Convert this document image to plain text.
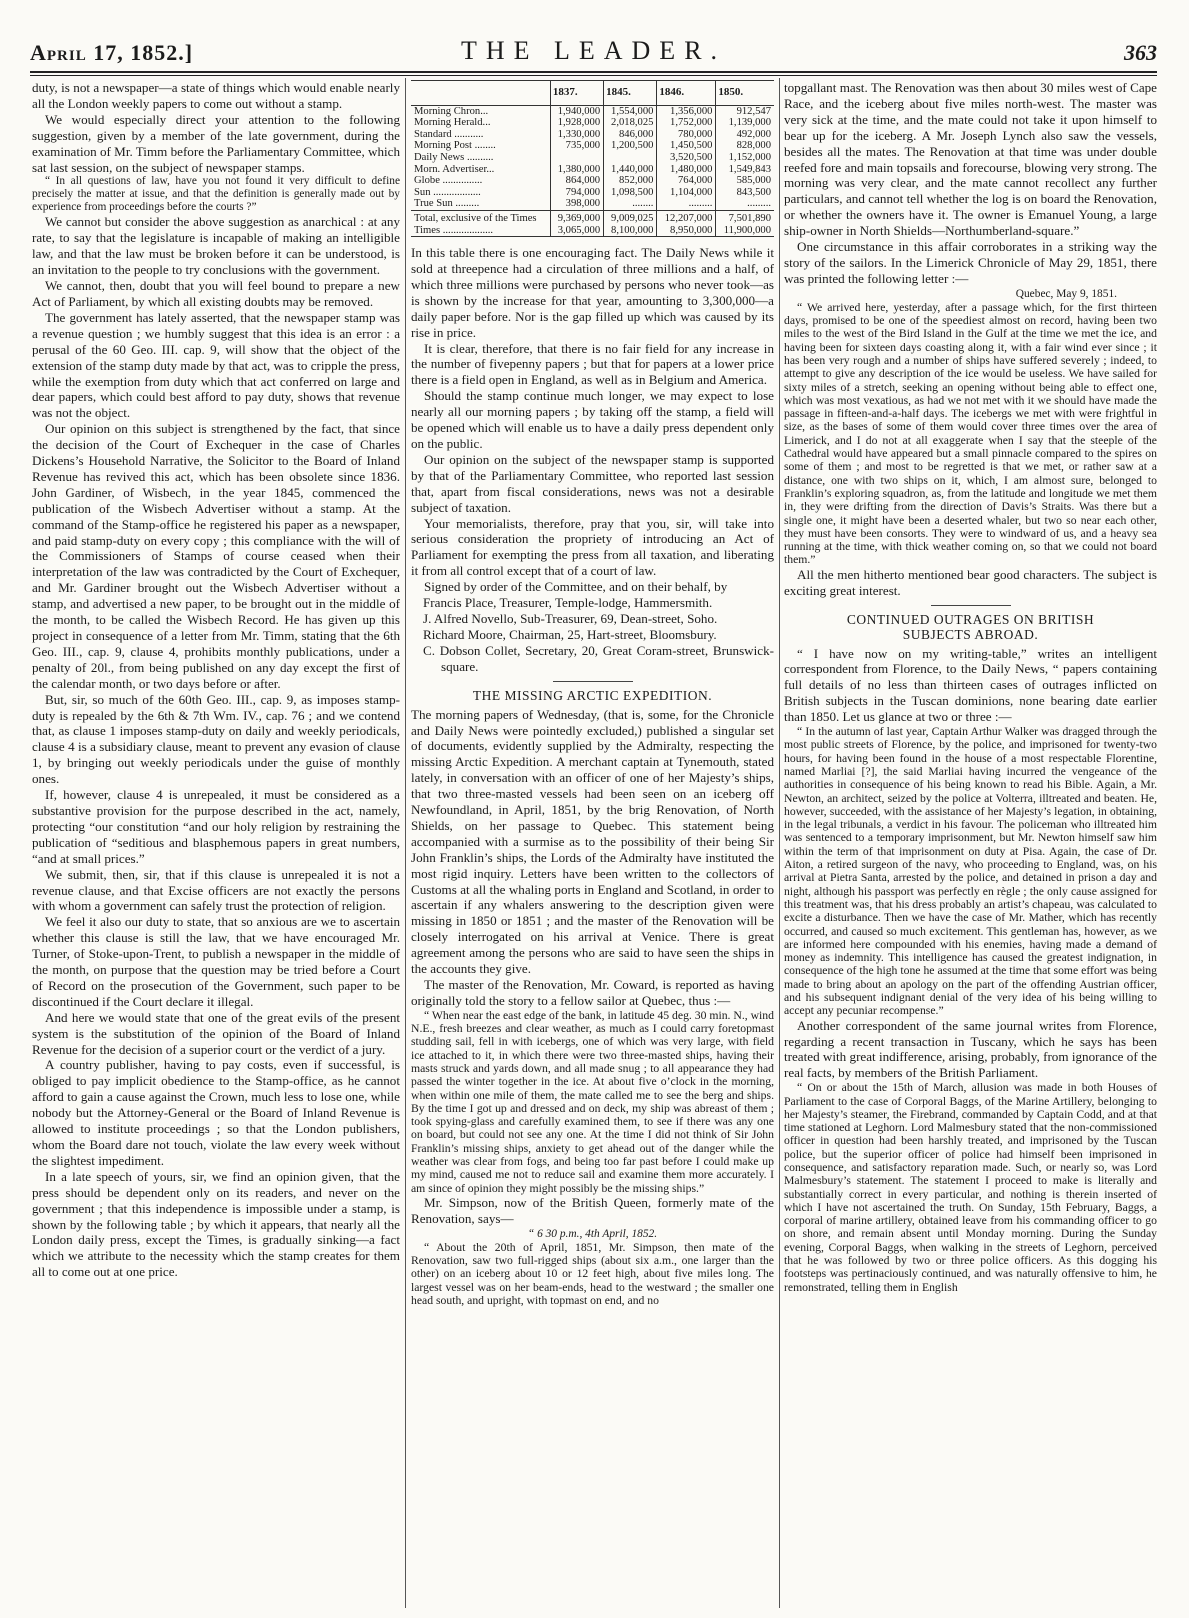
April 17, 1852.]	THE LEADER.	363

duty, is not a newspaper—a state of things which would enable nearly all the London weekly papers to come out without a stamp.

We would especially direct your attention to the following suggestion, given by a member of the late government, during the examination of Mr. Timm before the Parliamentary Committee, which sat last session, on the subject of newspaper stamps.

“ In all questions of law, have you not found it very difficult to define precisely the matter at issue, and that the definition is generally made out by experience from proceedings before the courts ?”

We cannot but consider the above suggestion as anarchical : at any rate, to say that the legislature is incapable of making an intelligible law, and that the law must be broken before it can be understood, is an invitation to the people to try conclusions with the government.

We cannot, then, doubt that you will feel bound to prepare a new Act of Parliament, by which all existing doubts may be removed.

The government has lately asserted, that the newspaper stamp was a revenue question ; we humbly suggest that this idea is an error : a perusal of the 60 Geo. III. cap. 9, will show that the object of the extension of the stamp duty made by that act, was to cripple the press, while the exemption from duty which that act conferred on large and dear papers, which could best afford to pay duty, shows that revenue was not the object.

Our opinion on this subject is strengthened by the fact, that since the decision of the Court of Exchequer in the case of Charles Dickens’s Household Narrative, the Solicitor to the Board of Inland Revenue has revived this act, which has been obsolete since 1836. John Gardiner, of Wisbech, in the year 1845, commenced the publication of the Wisbech Advertiser without a stamp. At the command of the Stamp-office he registered his paper as a newspaper, and paid stamp-duty on every copy ; this compliance with the will of the Commissioners of Stamps of course ceased when their interpretation of the law was contradicted by the Court of Exchequer, and Mr. Gardiner brought out the Wisbech Advertiser without a stamp, and advertised a new paper, to be brought out in the middle of the month, to be called the Wisbech Record. He has given up this project in consequence of a letter from Mr. Timm, stating that the 6th Geo. III., cap. 9, clause 4, prohibits monthly publications, under a penalty of 20l., from being published on any day except the first of the calendar month, or two days before or after.

But, sir, so much of the 60th Geo. III., cap. 9, as imposes stamp-duty is repealed by the 6th & 7th Wm. IV., cap. 76 ; and we contend that, as clause 1 imposes stamp-duty on daily and weekly periodicals, clause 4 is a subsidiary clause, meant to prevent any evasion of clause 1, by bringing out weekly periodicals under the guise of monthly ones.

If, however, clause 4 is unrepealed, it must be considered as a substantive provision for the purpose described in the act, namely, protecting “our constitution “and our holy religion by restraining the publication of “seditious and blasphemous papers in great numbers, “and at small prices.”

We submit, then, sir, that if this clause is unrepealed it is not a revenue clause, and that Excise officers are not exactly the persons with whom a government can safely trust the protection of religion.

We feel it also our duty to state, that so anxious are we to ascertain whether this clause is still the law, that we have encouraged Mr. Turner, of Stoke-upon-Trent, to publish a newspaper in the middle of the month, on purpose that the question may be tried before a Court of Record on the prosecution of the Government, such paper to be discontinued if the Court declare it illegal.

And here we would state that one of the great evils of the present system is the substitution of the opinion of the Board of Inland Revenue for the decision of a superior court or the verdict of a jury.

A country publisher, having to pay costs, even if successful, is obliged to pay implicit obedience to the Stamp-office, as he cannot afford to gain a cause against the Crown, much less to lose one, while nobody but the Attorney-General or the Board of Inland Revenue is allowed to institute proceedings ; so that the London publishers, whom the Board dare not touch, violate the law every week without the slightest impediment.

In a late speech of yours, sir, we find an opinion given, that the press should be dependent only on its readers, and never on the government ; that this independence is impossible under a stamp, is shown by the following table ; by which it appears, that nearly all the London daily press, except the Times, is gradually sinking—a fact which we attribute to the necessity which the stamp creates for them all to come out at one price.

	1837.	1845.	1846.	1850.
Morning Chron...	1,940,000	1,554,000	1,356,000	912,547
Morning Herald...	1,928,000	2,018,025	1,752,000	1,139,000
Standard ...........	1,330,000	846,000	780,000	492,000
Morning Post ........	735,000	1,200,500	1,450,500	828,000
Daily News ..........			3,520,500	1,152,000
Morn. Advertiser...	1,380,000	1,440,000	1,480,000	1,549,843
Globe ...............	864,000	852,000	764,000	585,000
Sun ..................	794,000	1,098,500	1,104,000	843,500
True Sun .........	398,000	........	.........	.........
Total, exclusive of the Times	9,369,000	9,009,025	12,207,000	7,501,890
Times ...................	3,065,000	8,100,000	8,950,000	11,900,000

In this table there is one encouraging fact. The Daily News while it sold at threepence had a circulation of three millions and a half, of which three millions were purchased by persons who never took—as is shown by the increase for that year, amounting to 3,300,000—a daily paper before. Nor is the gap filled up which was caused by its rise in price.

It is clear, therefore, that there is no fair field for any increase in the number of fivepenny papers ; but that for papers at a lower price there is a field open in England, as well as in Belgium and America.

Should the stamp continue much longer, we may expect to lose nearly all our morning papers ; by taking off the stamp, a field will be opened which will enable us to have a daily press dependent only on the public.

Our opinion on the subject of the newspaper stamp is supported by that of the Parliamentary Committee, who reported last session that, apart from fiscal considerations, news was not a desirable subject of taxation.

Your memorialists, therefore, pray that you, sir, will take into serious consideration the propriety of introducing an Act of Parliament for exempting the press from all taxation, and liberating it from all control except that of a court of law.

Signed by order of the Committee, and on their behalf, by

Francis Place, Treasurer, Temple-lodge, Hammersmith.

J. Alfred Novello, Sub-Treasurer, 69, Dean-street, Soho.

Richard Moore, Chairman, 25, Hart-street, Bloomsbury.

C. Dobson Collet, Secretary, 20, Great Coram-street, Brunswick-square.

THE MISSING ARCTIC EXPEDITION.

The morning papers of Wednesday, (that is, some, for the Chronicle and Daily News were pointedly excluded,) published a singular set of documents, evidently supplied by the Admiralty, respecting the missing Arctic Expedition. A merchant captain at Tynemouth, stated lately, in conversation with an officer of one of her Majesty’s ships, that two three-masted vessels had been seen on an iceberg off Newfoundland, in April, 1851, by the brig Renovation, of North Shields, on her passage to Quebec. This statement being accompanied with a surmise as to the possibility of their being Sir John Franklin’s ships, the Lords of the Admiralty have instituted the most rigid inquiry. Letters have been written to the collectors of Customs at all the whaling ports in England and Scotland, in order to ascertain if any whalers answering to the description given were missing in 1850 or 1851 ; and the master of the Renovation will be closely interrogated on his arrival at Venice. There is great agreement among the persons who are said to have seen the ships in the accounts they give.

The master of the Renovation, Mr. Coward, is reported as having originally told the story to a fellow sailor at Quebec, thus :—

“ When near the east edge of the bank, in latitude 45 deg. 30 min. N., wind N.E., fresh breezes and clear weather, as much as I could carry foretopmast studding sail, fell in with icebergs, one of which was very large, with field ice attached to it, in which there were two three-masted ships, having their masts struck and yards down, and all made snug ; to all appearance they had passed the winter together in the ice. At about five o’clock in the morning, when within one mile of them, the mate called me to see the berg and ships. By the time I got up and dressed and on deck, my ship was abreast of them ; took spying-glass and carefully examined them, to see if there was any one on board, but could not see any one. At the time I did not think of Sir John Franklin’s missing ships, anxiety to get ahead out of the danger while the weather was clear from fogs, and being too far past before I could make up my mind, caused me not to reduce sail and examine them more accurately. I am since of opinion they might possibly be the missing ships.”

Mr. Simpson, now of the British Queen, formerly mate of the Renovation, says—

“ 6 30 p.m., 4th April, 1852.

“ About the 20th of April, 1851, Mr. Simpson, then mate of the Renovation, saw two full-rigged ships (about six a.m., one larger than the other) on an iceberg about 10 or 12 feet high, about five miles long. The largest vessel was on her beam-ends, head to the westward ; the smaller one head south, and upright, with topmast on end, and no

topgallant mast. The Renovation was then about 30 miles west of Cape Race, and the iceberg about five miles north-west. The master was very sick at the time, and the mate could not take it upon himself to bear up for the iceberg. A Mr. Joseph Lynch also saw the vessels, besides all the mates. The Renovation at that time was under double reefed fore and main topsails and forecourse, blowing very strong. The morning was very clear, and the mate cannot recollect any further particulars, and cannot tell whether the log is on board the Renovation, or whether the owners have it. The owner is Emanuel Young, a large ship-owner in North Shields—Northumberland-square.”

One circumstance in this affair corroborates in a striking way the story of the sailors. In the Limerick Chronicle of May 29, 1851, there was printed the following letter :—

Quebec, May 9, 1851.

“ We arrived here, yesterday, after a passage which, for the first thirteen days, promised to be one of the speediest almost on record, having been two miles to the west of the Bird Island in the Gulf at the time we met the ice, and having been for sixteen days coasting along it, with a fair wind ever since ; it has been very rough and a number of ships have suffered severely ; indeed, to attempt to give any description of the ice would be useless. We have sailed for sixty miles of a stretch, seeking an opening without being able to effect one, which was most vexatious, as had we not met with it we should have made the passage in fifteen-and-a-half days. The icebergs we met with were frightful in size, as the bases of some of them would cover three times over the area of Limerick, and I do not at all exaggerate when I say that the steeple of the Cathedral would have appeared but a small pinnacle compared to the spires on some of them ; and most to be regretted is that we met, or rather saw at a distance, one with two ships on it, which, I am almost sure, belonged to Franklin’s exploring squadron, as, from the latitude and longitude we met them in, they were drifting from the direction of Davis’s Straits. Was there but a single one, it might have been a deserted whaler, but two so near each other, they must have been consorts. They were to windward of us, and a heavy sea running at the time, with thick weather coming on, so that we could not board them.”

All the men hitherto mentioned bear good characters. The subject is exciting great interest.

CONTINUED OUTRAGES ON BRITISH
SUBJECTS ABROAD.

“ I have now on my writing-table,” writes an intelligent correspondent from Florence, to the Daily News, “ papers containing full details of no less than thirteen cases of outrages inflicted on British subjects in the Tuscan dominions, none bearing date earlier than 1850. Let us glance at two or three :—

“ In the autumn of last year, Captain Arthur Walker was dragged through the most public streets of Florence, by the police, and imprisoned for twenty-two hours, for having been found in the house of a most respectable Florentine, named Marliai [?], the said Marliai having incurred the vengeance of the authorities in consequence of his being known to read his Bible. Again, a Mr. Newton, an architect, seized by the police at Volterra, illtreated and beaten. He, however, succeeded, with the assistance of her Majesty’s legation, in obtaining, in the legal tribunals, a verdict in his favour. The policeman who illtreated him was sentenced to a temporary imprisonment, but Mr. Newton himself saw him within the term of that imprisonment on duty at Pisa. Again, the case of Dr. Aiton, a retired surgeon of the navy, who proceeding to England, was, on his arrival at Pietra Santa, arrested by the police, and detained in prison a day and night, although his passport was perfectly en règle ; the only cause assigned for this treatment was, that his dress probably an artist’s chapeau, was calculated to excite a disturbance. Then we have the case of Mr. Mather, which has recently occurred, and caused so much excitement. This gentleman has, however, as we are informed here compounded with his enemies, having made a demand of money as indemnity. This intelligence has caused the greatest indignation, in consequence of the high tone he assumed at the time that some effort was being made to bring about an apology on the part of the offending Austrian officer, and his subsequent indignant denial of the very idea of his being willing to accept any pecuniar recompense.”

Another correspondent of the same journal writes from Florence, regarding a recent transaction in Tuscany, which he says has been treated with great indifference, arising, probably, from ignorance of the real facts, by members of the British Parliament.

“ On or about the 15th of March, allusion was made in both Houses of Parliament to the case of Corporal Baggs, of the Marine Artillery, belonging to her Majesty’s steamer, the Firebrand, commanded by Captain Codd, and at that time stationed at Leghorn. Lord Malmesbury stated that the non-commissioned officer in question had been harshly treated, and imprisoned by the Tuscan police, but the superior officer of police had himself been imprisoned in consequence, and satisfactory reparation made. Such, or nearly so, was Lord Malmesbury’s statement. The statement I proceed to make is literally and substantially correct in every particular, and nothing is therein inserted of which I have not ascertained the truth. On Sunday, 15th February, Baggs, a corporal of marine artillery, obtained leave from his commanding officer to go on shore, and remain absent until Monday morning. During the Sunday evening, Corporal Baggs, when walking in the streets of Leghorn, perceived that he was followed by two or three police officers. As this dogging his footsteps was pertinaciously continued, and was naturally offensive to him, he remonstrated, telling them in English
